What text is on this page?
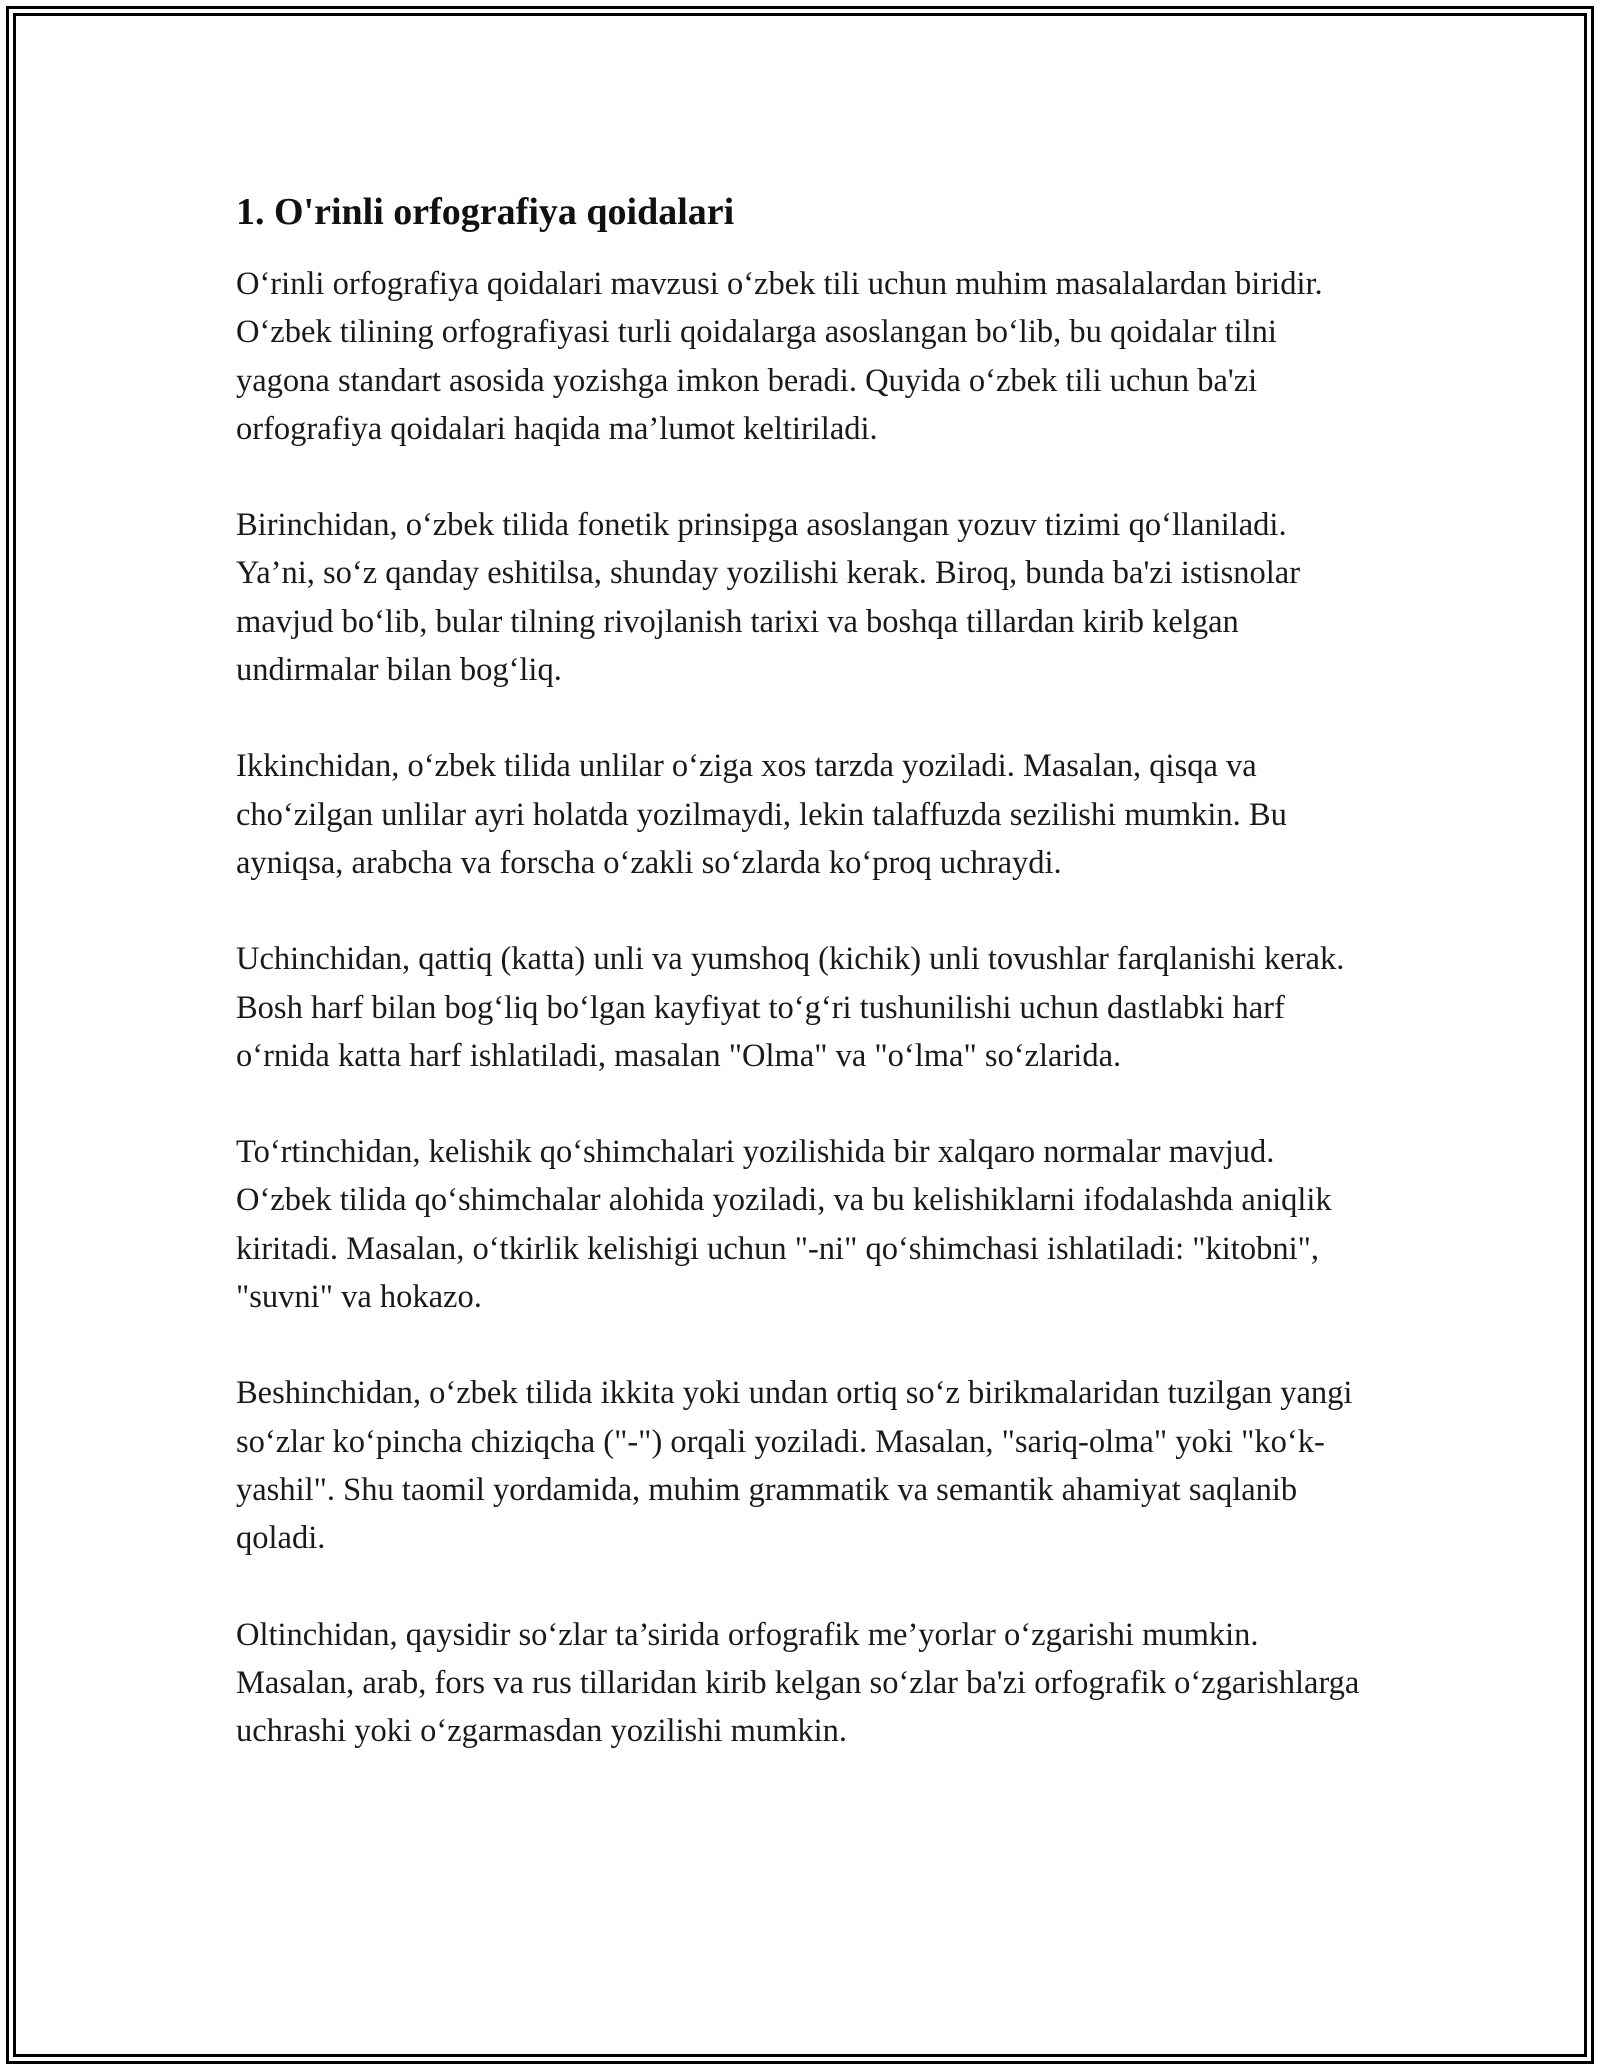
1. O'rinli orfografiya qoidalari

O‘rinli orfografiya qoidalari mavzusi o‘zbek tili uchun muhim masalalardan biridir. O‘zbek tilining orfografiyasi turli qoidalarga asoslangan bo‘lib, bu qoidalar tilni yagona standart asosida yozishga imkon beradi. Quyida o‘zbek tili uchun ba'zi orfografiya qoidalari haqida ma’lumot keltiriladi.

Birinchidan, o‘zbek tilida fonetik prinsipga asoslangan yozuv tizimi qo‘llaniladi. Ya’ni, so‘z qanday eshitilsa, shunday yozilishi kerak. Biroq, bunda ba'zi istisnolar mavjud bo‘lib, bular tilning rivojlanish tarixi va boshqa tillardan kirib kelgan undirmalar bilan bog‘liq.

Ikkinchidan, o‘zbek tilida unlilar o‘ziga xos tarzda yoziladi. Masalan, qisqa va cho‘zilgan unlilar ayri holatda yozilmaydi, lekin talaffuzda sezilishi mumkin. Bu ayniqsa, arabcha va forscha o‘zakli so‘zlarda ko‘proq uchraydi.

Uchinchidan, qattiq (katta) unli va yumshoq (kichik) unli tovushlar farqlanishi kerak. Bosh harf bilan bog‘liq bo‘lgan kayfiyat to‘g‘ri tushunilishi uchun dastlabki harf o‘rnida katta harf ishlatiladi, masalan "Olma" va "o‘lma" so‘zlarida.

To‘rtinchidan, kelishik qo‘shimchalari yozilishida bir xalqaro normalar mavjud. O‘zbek tilida qo‘shimchalar alohida yoziladi, va bu kelishiklarni ifodalashda aniqlik kiritadi. Masalan, o‘tkirlik kelishigi uchun "-ni" qo‘shimchasi ishlatiladi: "kitobni", "suvni" va hokazo.

Beshinchidan, o‘zbek tilida ikkita yoki undan ortiq so‘z birikmalaridan tuzilgan yangi so‘zlar ko‘pincha chiziqcha ("-") orqali yoziladi. Masalan, "sariq-olma" yoki "ko‘k-yashil". Shu taomil yordamida, muhim grammatik va semantik ahamiyat saqlanib qoladi.

Oltinchidan, qaysidir so‘zlar ta’sirida orfografik me’yorlar o‘zgarishi mumkin. Masalan, arab, fors va rus tillaridan kirib kelgan so‘zlar ba'zi orfografik o‘zgarishlarga uchrashi yoki o‘zgarmasdan yozilishi mumkin.
